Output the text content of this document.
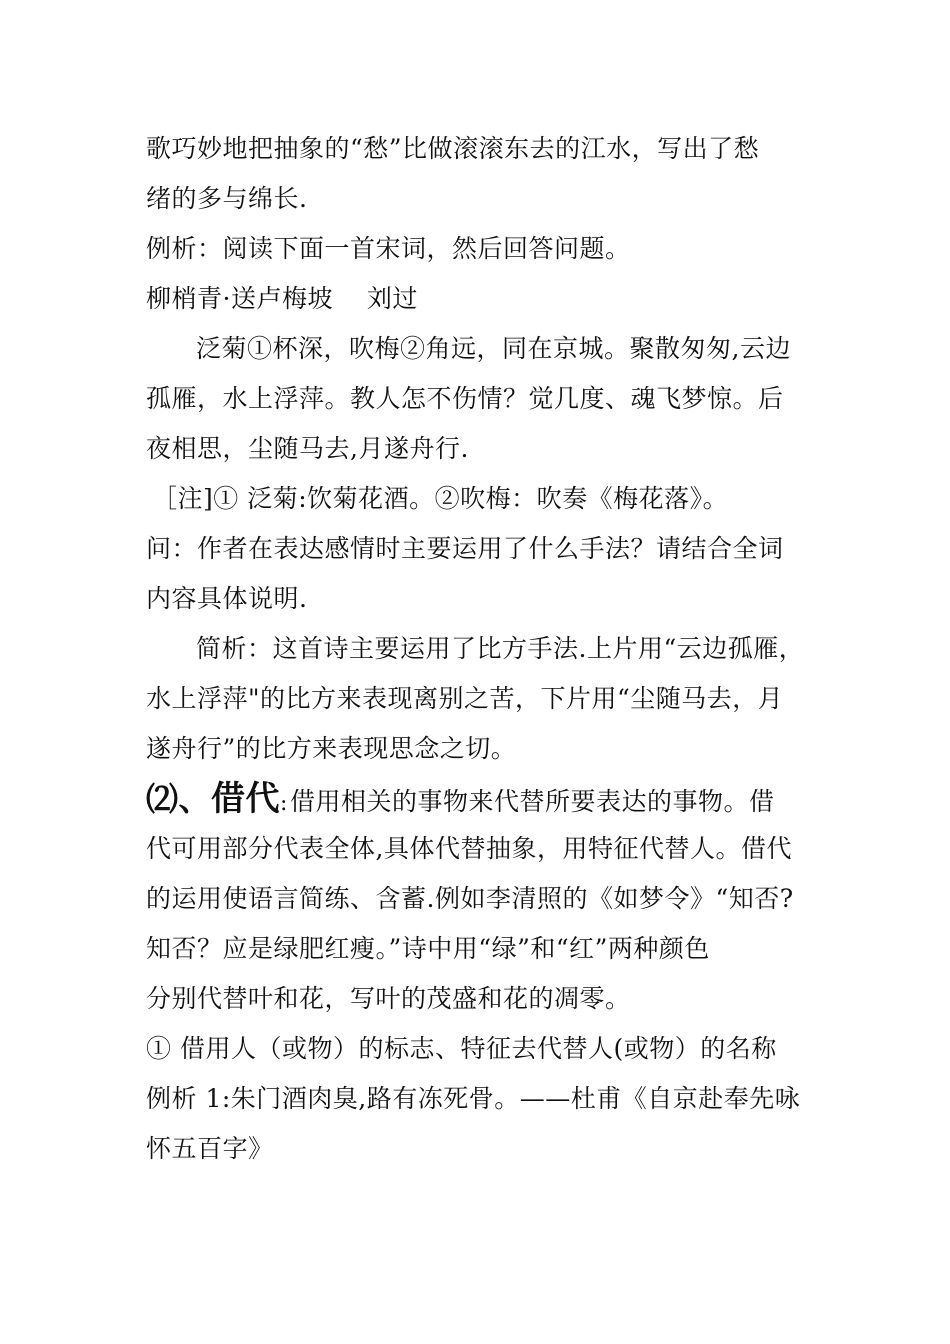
歌巧妙地把抽象的“愁”比做滚滚东去的江水，写出了愁
绪的多与绵长.
例析：阅读下面一首宋词，然后回答问题。
柳梢青·送卢梅坡　 刘过
泛菊①杯深，吹梅②角远，同在京城。聚散匆匆,云边
孤雁，水上浮萍。教人怎不伤情？觉几度、魂飞梦惊。后
夜相思，尘随马去,月遂舟行.
［注]① 泛菊:饮菊花酒。②吹梅：吹奏《梅花落》。
问：作者在表达感情时主要运用了什么手法？请结合全词
内容具体说明.
简析：这首诗主要运用了比方手法.上片用“云边孤雁，
水上浮萍"的比方来表现离别之苦，下片用“尘随马去，月
遂舟行”的比方来表现思念之切。
⑵、借代:借用相关的事物来代替所要表达的事物。借
代可用部分代表全体,具体代替抽象，用特征代替人。借代
的运用使语言简练、含蓄.例如李清照的《如梦令》“知否?
知否？应是绿肥红瘦。”诗中用“绿”和“红”两种颜色
分别代替叶和花，写叶的茂盛和花的凋零。
① 借用人（或物）的标志、特征去代替人(或物）的名称
例析 1:朱门酒肉臭,路有冻死骨。——杜甫《自京赴奉先咏
怀五百字》
